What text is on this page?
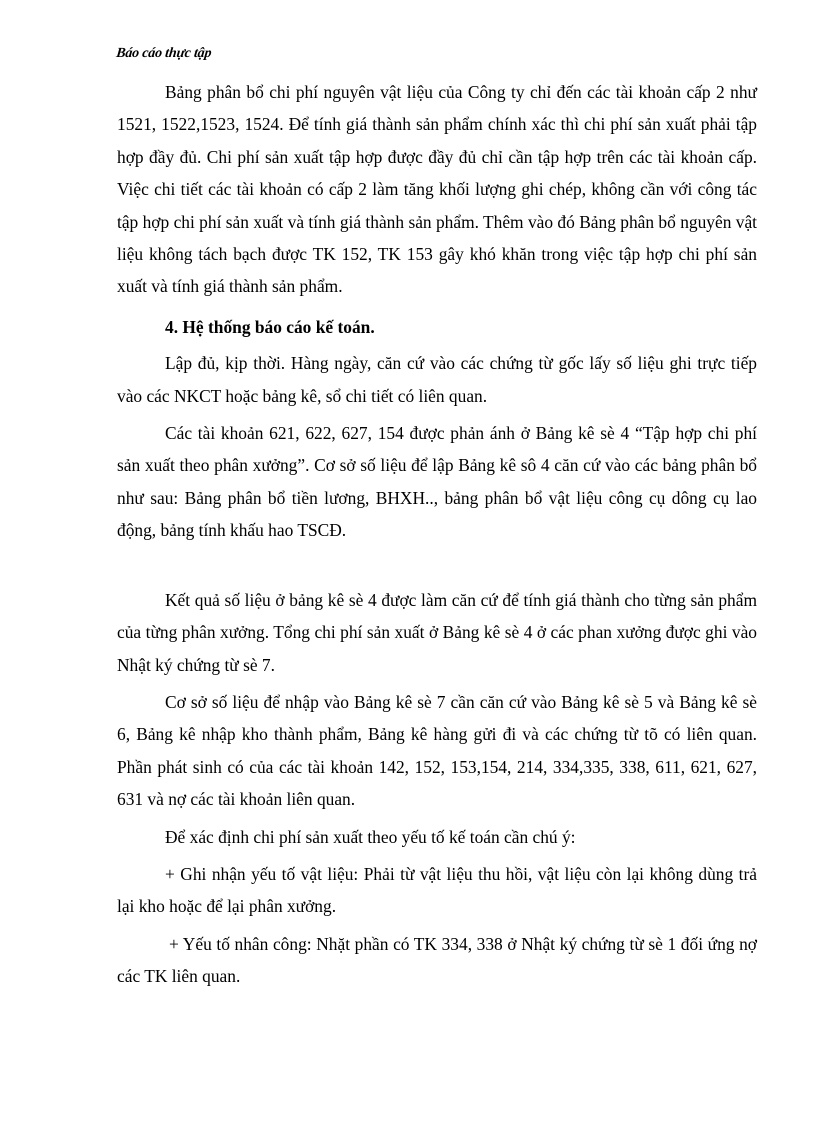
Báo cáo thực tập

Bảng phân bổ chi phí nguyên vật liệu của Công ty chỉ đến các tài khoản cấp 2 như 1521, 1522,1523, 1524. Để tính giá thành sản phẩm chính xác thì chi phí sản xuất phải tập hợp đầy đủ. Chi phí sản xuất tập hợp được đầy đủ chỉ cần tập hợp trên các tài khoản cấp. Việc chi tiết các tài khoản có cấp 2 làm tăng khối lượng ghi chép, không cần với công tác tập hợp chi phí sản xuất và tính giá thành sản phẩm. Thêm vào đó Bảng phân bổ nguyên vật liệu không tách bạch được TK 152, TK 153 gây khó khăn trong việc tập hợp chi phí sản xuất và tính giá thành sản phẩm.

4. Hệ thống báo cáo kế toán.

Lập đủ, kịp thời. Hàng ngày, căn cứ vào các chứng từ gốc lấy số liệu ghi trực tiếp vào các NKCT hoặc bảng kê, sổ chi tiết có liên quan.

Các tài khoản 621, 622, 627, 154 được phản ánh ở Bảng kê sè 4 “Tập hợp chi phí sản xuất theo phân xưởng”. Cơ sở số liệu để lập Bảng kê sô 4 căn cứ vào các bảng phân bổ như sau: Bảng phân bổ tiền lương, BHXH.., bảng phân bổ vật liệu công cụ dông cụ lao động, bảng tính khấu hao TSCĐ.

Kết quả số liệu ở bảng kê sè 4 được làm căn cứ để tính giá thành cho từng sản phẩm của từng phân xưởng. Tổng chi phí sản xuất ở Bảng kê sè 4 ở các phan xưởng được ghi vào Nhật ký chứng từ sè 7.

Cơ sở số liệu để nhập vào Bảng kê sè 7 cần căn cứ vào Bảng kê sè 5 và Bảng kê sè 6, Bảng kê nhập kho thành phẩm, Bảng kê hàng gửi đi và các chứng từ tõ có liên quan. Phần phát sinh có của các tài khoản 142, 152, 153,154, 214, 334,335, 338, 611, 621, 627, 631 và nợ các tài khoản liên quan.

Để xác định chi phí sản xuất theo yếu tố kế toán cần chú ý:

+ Ghi nhận yếu tố vật liệu: Phải từ vật liệu thu hồi, vật liệu còn lại không dùng trả lại kho hoặc để lại phân xưởng.

+ Yếu tố nhân công: Nhặt phần có TK 334, 338 ở Nhật ký chứng từ sè 1 đối ứng nợ các TK liên quan.
